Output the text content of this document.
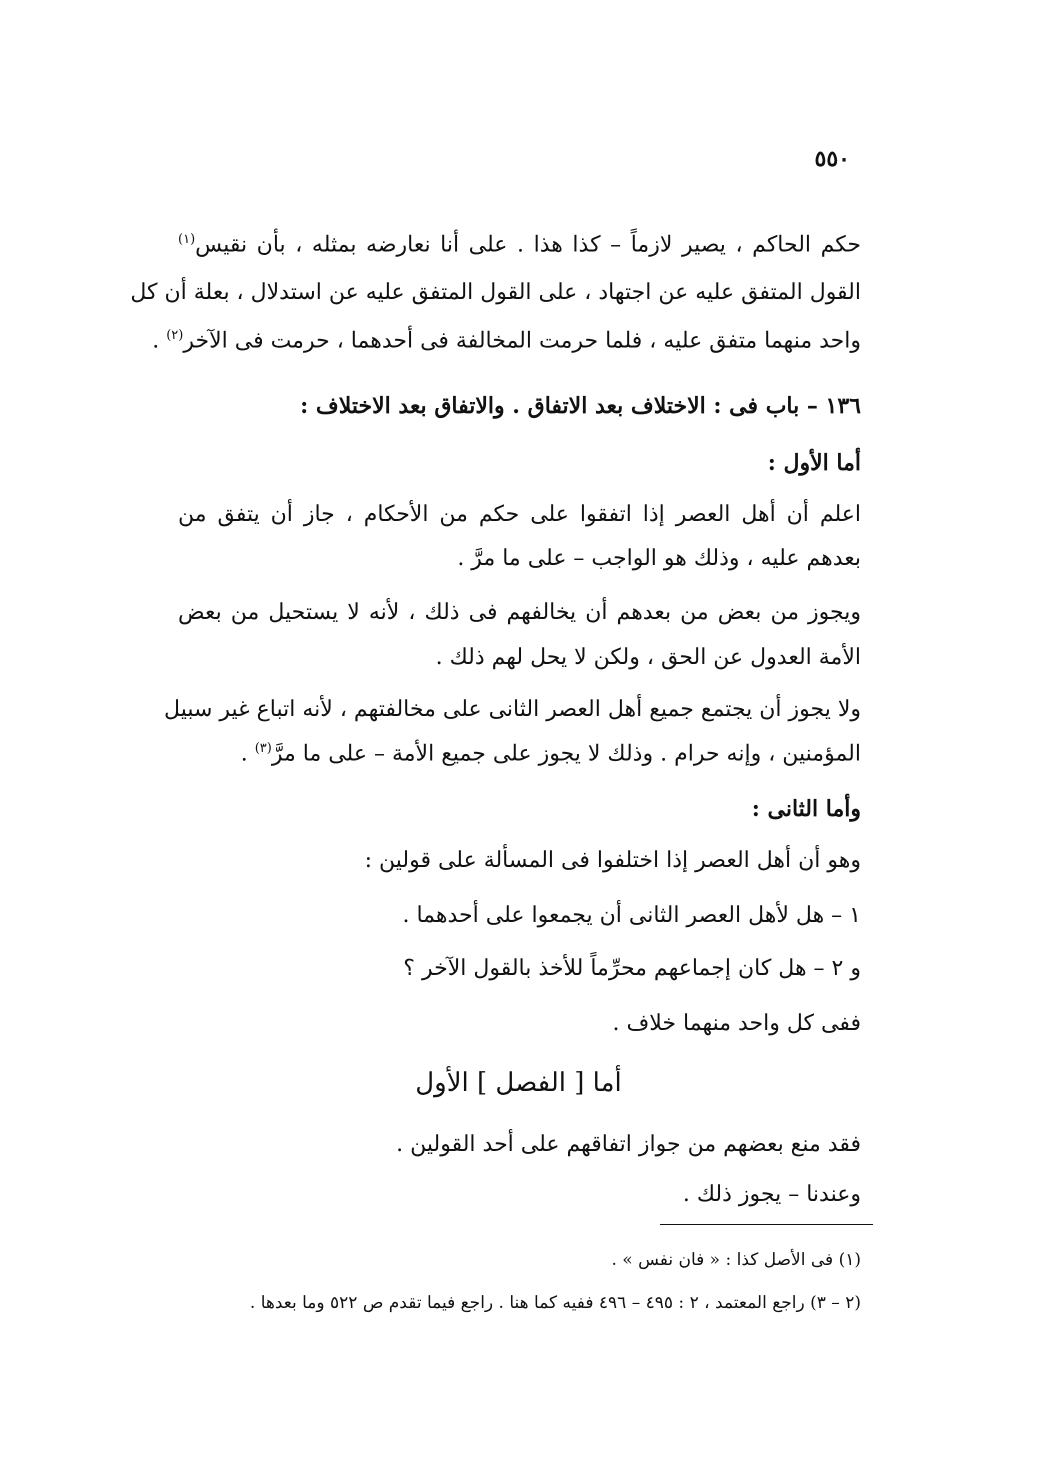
٥٥٠
حكم الحاكم ، يصير لازماً – كذا هذا . على أنا نعارضه بمثله ، بأن نقيس$^{(١)}$
القول المتفق عليه عن اجتهاد ، على القول المتفق عليه عن استدلال ، بعلة أن كل
واحد منهما متفق عليه ، فلما حرمت المخالفة فى أحدهما ، حرمت فى الآخر$^{(٢)}$ .
١٣٦ – باب فى : الاختلاف بعد الاتفاق . والاتفاق بعد الاختلاف :
أما الأول :
اعلم أن أهل العصر إذا اتفقوا على حكم من الأحكام ، جاز أن يتفق من
بعدهم عليه ، وذلك هو الواجب – على ما مرَّ .
ويجوز من بعض من بعدهم أن يخالفهم فى ذلك ، لأنه لا يستحيل من بعض
الأمة العدول عن الحق ، ولكن لا يحل لهم ذلك .
ولا يجوز أن يجتمع جميع أهل العصر الثانى على مخالفتهم ، لأنه اتباع غير سبيل
المؤمنين ، وإنه حرام . وذلك لا يجوز على جميع الأمة – على ما مرَّ$^{(٣)}$ .
وأما الثانى :
وهو أن أهل العصر إذا اختلفوا فى المسألة على قولين :
١ – هل لأهل العصر الثانى أن يجمعوا على أحدهما .
و ٢ – هل كان إجماعهم محرِّماً للأخذ بالقول الآخر ؟
ففى كل واحد منهما خلاف .
أما [ الفصل ] الأول
فقد منع بعضهم من جواز اتفاقهم على أحد القولين .
وعندنا – يجوز ذلك .
(١) فى الأصل كذا : « فان نفس » .
(٢ – ٣) راجع المعتمد ، ٢ : ٤٩٥ – ٤٩٦ ففيه كما هنا . راجع فيما تقدم ص ٥٢٢ وما بعدها .
